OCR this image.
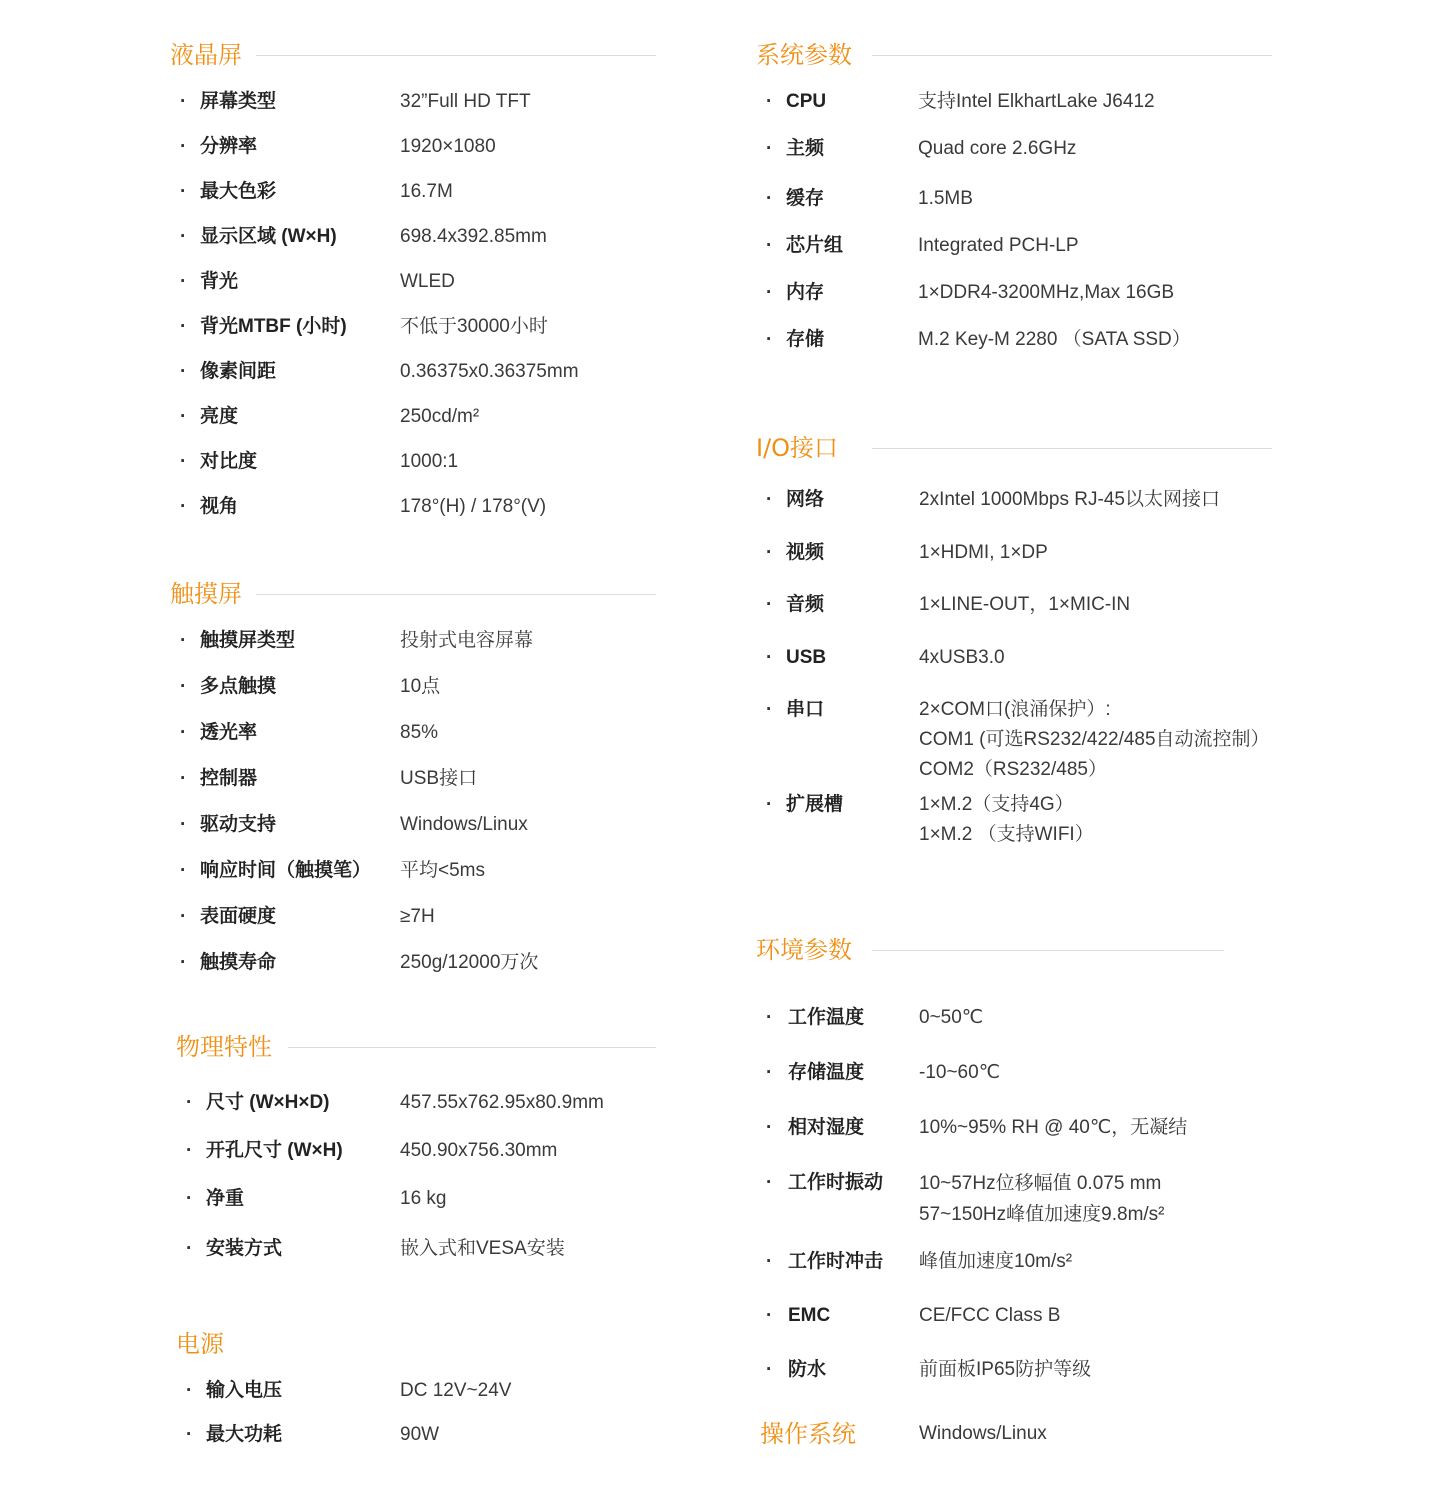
液晶屏
· 屏幕类型	32”Full HD TFT
· 分辨率	1920×1080
· 最大色彩	16.7M
· 显示区域 (W×H)	698.4x392.85mm
· 背光	WLED
· 背光MTBF (小时)	不低于30000小时
· 像素间距	0.36375x0.36375mm
· 亮度	250cd/m²
· 对比度	1000:1
· 视角	178°(H) / 178°(V)
触摸屏
· 触摸屏类型	投射式电容屏幕
· 多点触摸	10点
· 透光率	85%
· 控制器	USB接口
· 驱动支持	Windows/Linux
· 响应时间（触摸笔） 平均<5ms
· 表面硬度	≥7H
· 触摸寿命	250g/12000万次
物理特性
· 尺寸 (W×H×D)	457.55x762.95x80.9mm
· 开孔尺寸 (W×H)	450.90x756.30mm
· 净重	16 kg
· 安装方式	嵌入式和VESA安装
电源
· 输入电压	DC 12V~24V
· 最大功耗	90W
系统参数
· CPU	支持Intel ElkhartLake J6412
· 主频	Quad core 2.6GHz
· 缓存	1.5MB
· 芯片组	Integrated PCH-LP
· 内存	1×DDR4-3200MHz,Max 16GB
· 存储	M.2 Key-M 2280 （SATA SSD）
I/O接口
· 网络	2xIntel 1000Mbps RJ-45以太网接口
· 视频	1×HDMI, 1×DP
· 音频	1×LINE-OUT，1×MIC-IN
· USB	4xUSB3.0
· 串口	2×COM口(浪涌保护）:
COM1 (可选RS232/422/485自动流控制）
COM2（RS232/485）
· 扩展槽	1×M.2（支持4G）
1×M.2 （支持WIFI）
环境参数
· 工作温度	0~50℃
· 存储温度	-10~60℃
· 相对湿度	10%~95% RH @ 40℃，无凝结
· 工作时振动 10~57Hz位移幅值 0.075 mm
57~150Hz峰值加速度9.8m/s²
· 工作时冲击 峰值加速度10m/s²
· EMC	CE/FCC Class B
· 防水	前面板IP65防护等级
操作系统	Windows/Linux
